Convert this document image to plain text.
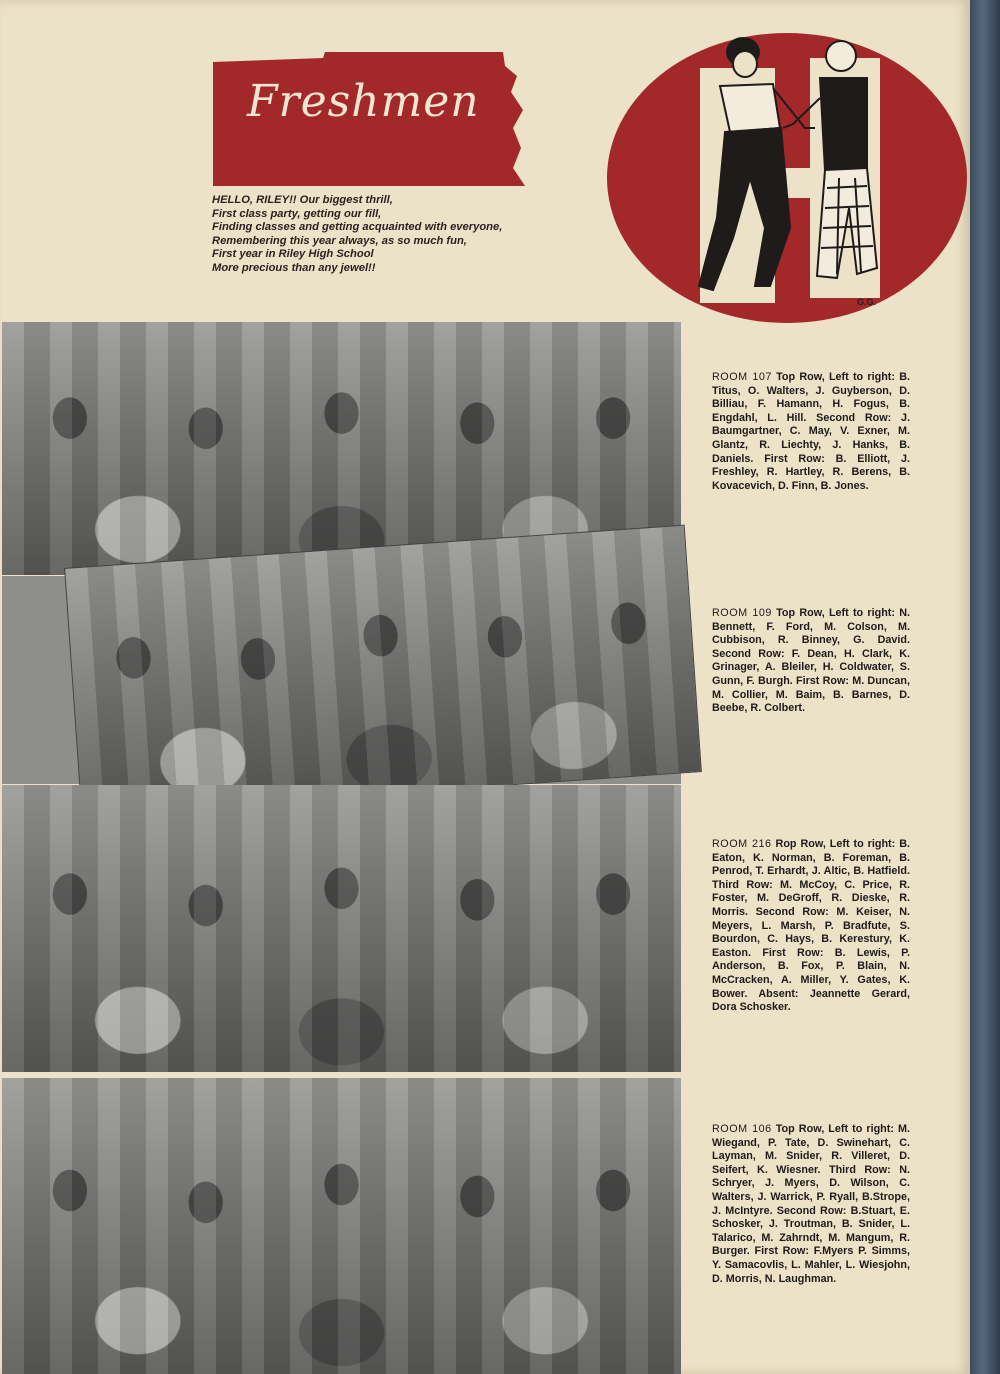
Freshmen
HELLO, RILEY!! Our biggest thrill,
First class party, getting our fill,
Finding classes and getting acquainted with everyone,
Remembering this year always, as so much fun,
First year in Riley High School
More precious than any jewel!!
G.G.
ROOM 107 Top Row, Left to right: B. Titus, O. Walters, J. Guyberson, D. Billiau, F. Hamann, H. Fogus, B. Engdahl, L. Hill. Second Row: J. Baumgartner, C. May, V. Exner, M. Glantz, R. Liechty, J. Hanks, B. Daniels. First Row: B. Elliott, J. Freshley, R. Hartley, R. Berens, B. Kovacevich, D. Finn, B. Jones.
ROOM 109 Top Row, Left to right: N. Bennett, F. Ford, M. Colson, M. Cubbison, R. Binney, G. David. Second Row: F. Dean, H. Clark, K. Grinager, A. Bleiler, H. Coldwater, S. Gunn, F. Burgh. First Row: M. Duncan, M. Collier, M. Baim, B. Barnes, D. Beebe, R. Colbert.
ROOM 216 Rop Row, Left to right: B. Eaton, K. Norman, B. Foreman, B. Penrod, T. Erhardt, J. Altic, B. Hatfield. Third Row: M. McCoy, C. Price, R. Foster, M. DeGroff, R. Dieske, R. Morris. Second Row: M. Keiser, N. Meyers, L. Marsh, P. Bradfute, S. Bourdon, C. Hays, B. Kerestury, K. Easton. First Row: B. Lewis, P. Anderson, B. Fox, P. Blain, N. McCracken, A. Miller, Y. Gates, K. Bower. Absent: Jeannette Gerard, Dora Schosker.
ROOM 106 Top Row, Left to right: M. Wiegand, P. Tate, D. Swinehart, C. Layman, M. Snider, R. Villeret, D. Seifert, K. Wiesner. Third Row: N. Schryer, J. Myers, D. Wilson, C. Walters, J. Warrick, P. Ryall, B.Strope, J. McIntyre. Second Row: B.Stuart, E. Schosker, J. Troutman, B. Snider, L. Talarico, M. Zahrndt, M. Mangum, R. Burger. First Row: F.Myers P. Simms, Y. Samacovlis, L. Mahler, L. Wiesjohn, D. Morris, N. Laughman.
